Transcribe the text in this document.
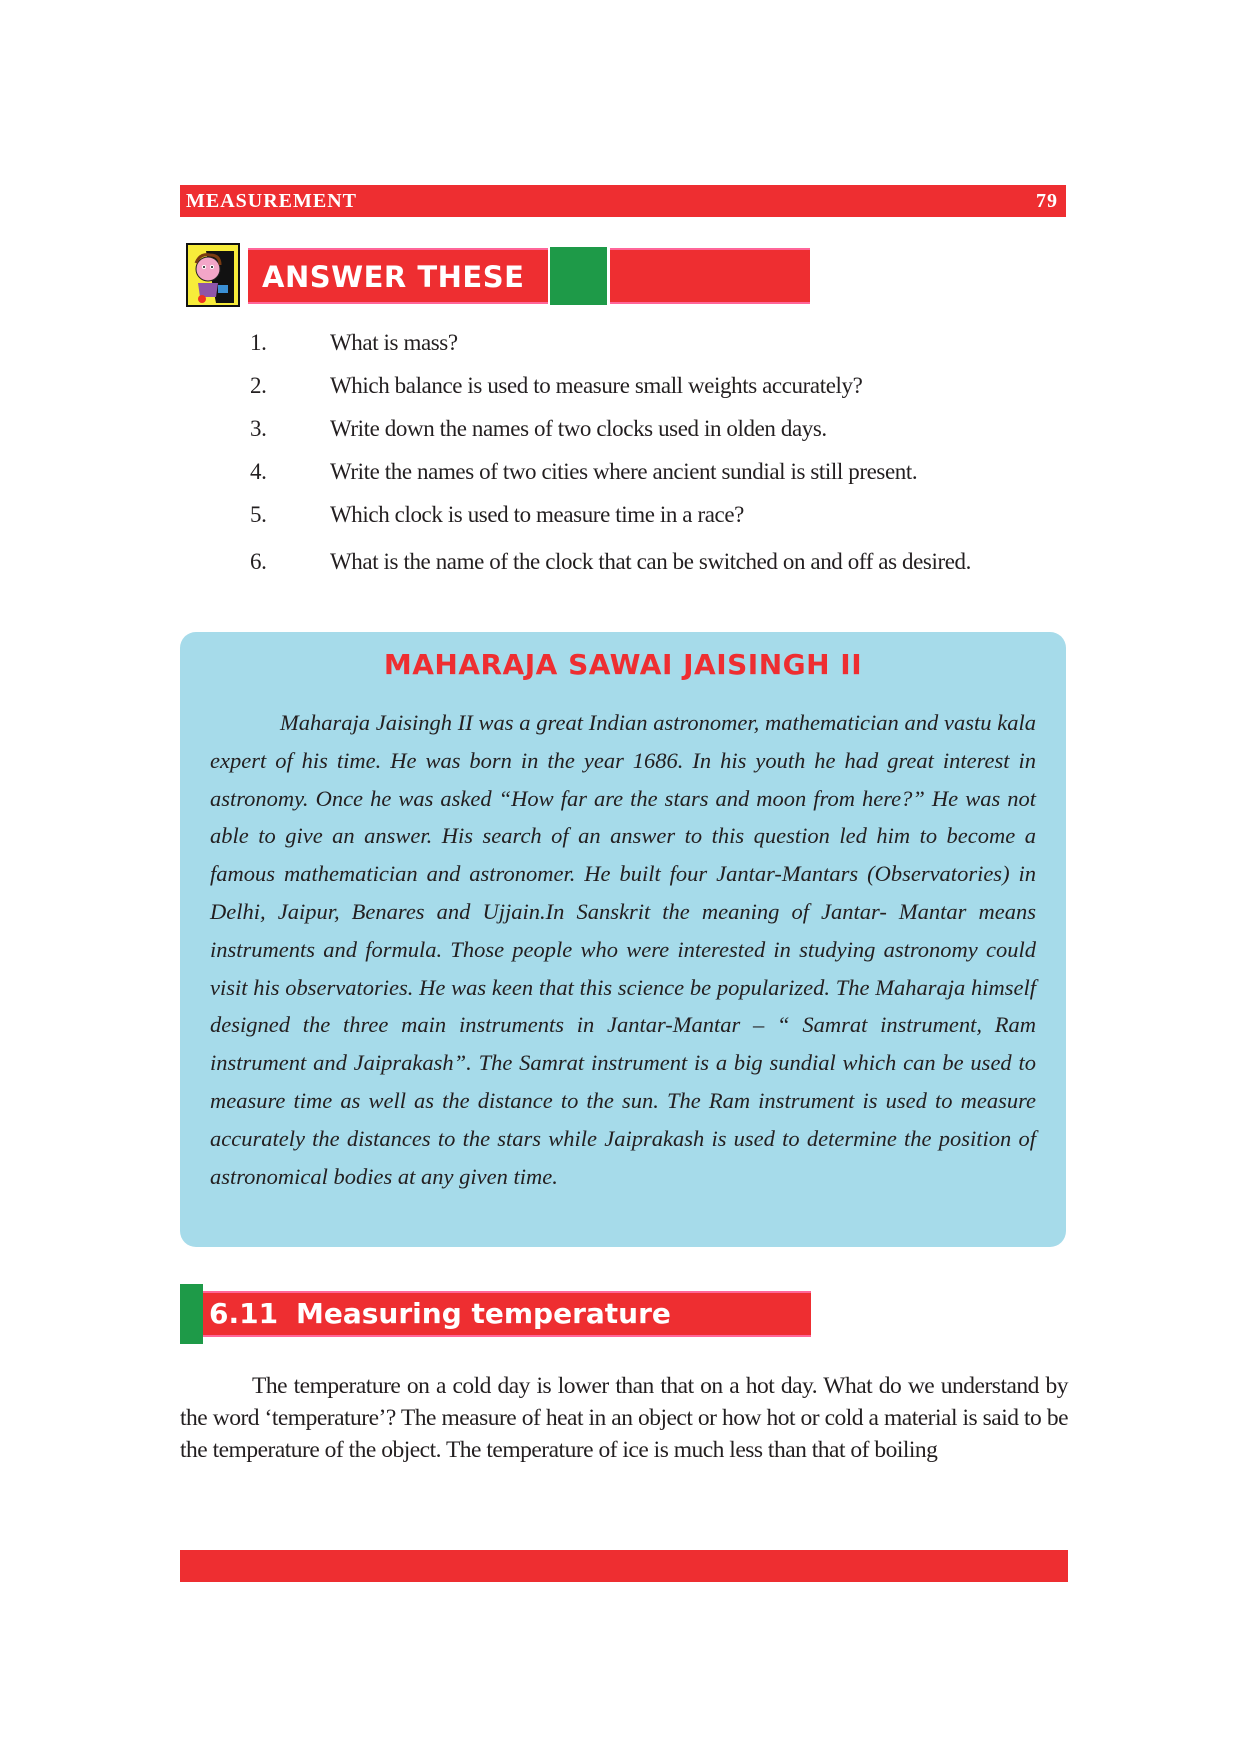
MEASUREMENT	79
ANSWER THESE
1.	What is mass?
2.	Which balance is used to measure small weights accurately?
3.	Write down the names of two clocks used in olden days.
4.	Write the names of two cities where ancient sundial is still present.
5.	Which clock is used to measure time in a race?
6.	What is the name of the clock that can be switched on and off as desired.
MAHARAJA SAWAI JAISINGH II

Maharaja Jaisingh II was a great Indian astronomer, mathematician and vastu kala expert of his time. He was born in the year 1686. In his youth he had great interest in astronomy. Once he was asked “How far are the stars and moon from here?” He was not able to give an answer. His search of an answer to this question led him to become a famous mathematician and astronomer. He built four Jantar-Mantars (Observatories) in Delhi, Jaipur, Benares and Ujjain.In Sanskrit the meaning of Jantar- Mantar means instruments and formula. Those people who were interested in studying astronomy could visit his observatories. He was keen that this science be popularized. The Maharaja himself designed the three main instruments in Jantar-Mantar – “ Samrat instrument, Ram instrument and Jaiprakash”. The Samrat instrument is a big sundial which can be used to measure time as well as the distance to the sun. The Ram instrument is used to measure accurately the distances to the stars while Jaiprakash is used to determine the position of astronomical bodies at any given time.

6.11 Measuring temperature

The temperature on a cold day is lower than that on a hot day. What do we understand by the word ‘temperature’? The measure of heat in an object or how hot or cold a material is said to be the temperature of the object. The temperature of ice is much less than that of boiling
